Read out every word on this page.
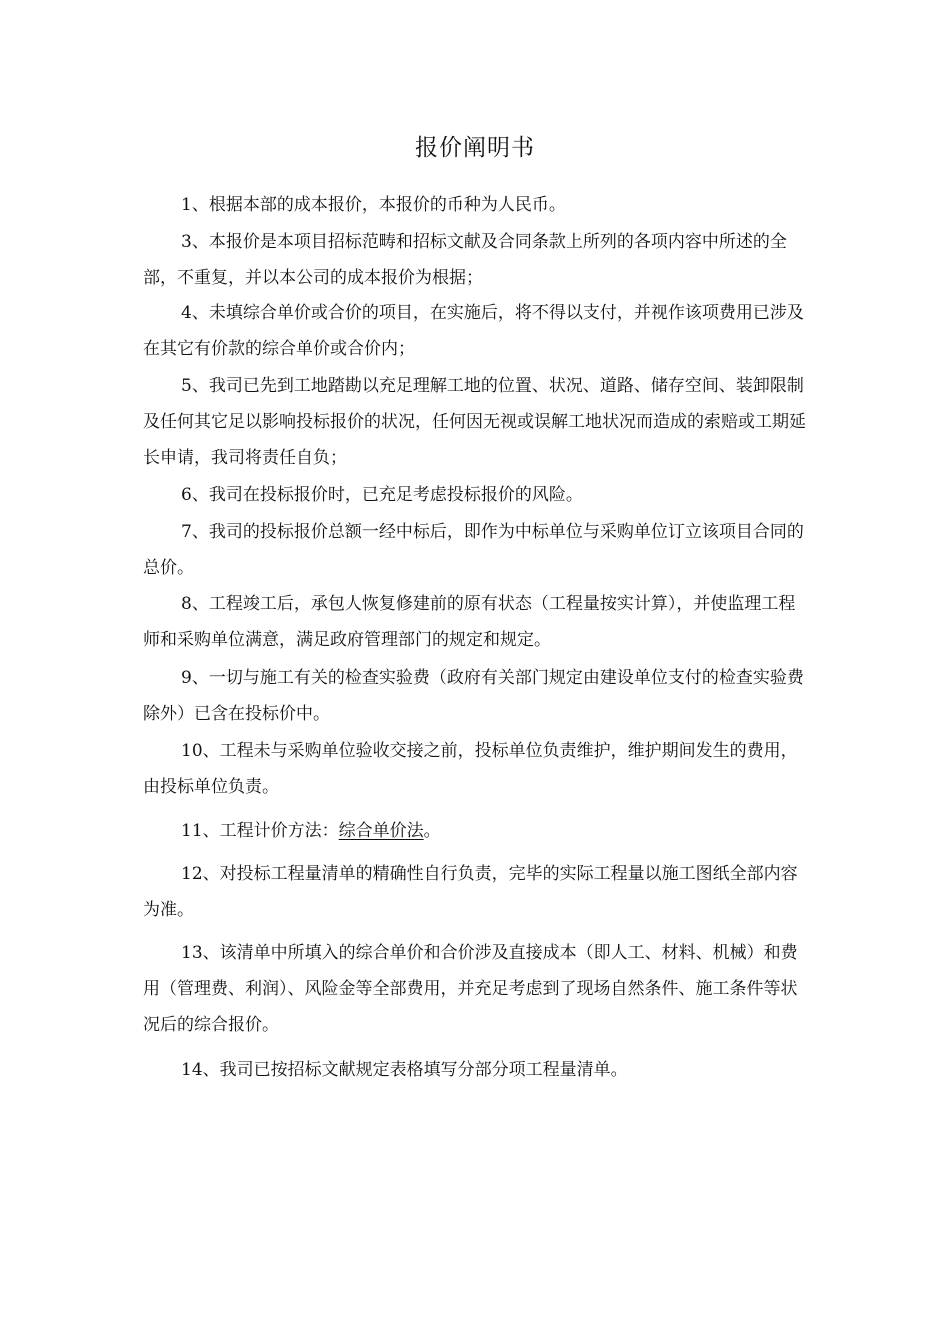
报价阐明书

1、根据本部的成本报价，本报价的币种为人民币。

3、本报价是本项目招标范畴和招标文献及合同条款上所列的各项内容中所述的全部，不重复，并以本公司的成本报价为根据；

4、未填综合单价或合价的项目，在实施后，将不得以支付，并视作该项费用已涉及在其它有价款的综合单价或合价内；

5、我司已先到工地踏勘以充足理解工地的位置、状况、道路、储存空间、装卸限制及任何其它足以影响投标报价的状况，任何因无视或误解工地状况而造成的索赔或工期延长申请，我司将责任自负；

6、我司在投标报价时，已充足考虑投标报价的风险。

7、我司的投标报价总额一经中标后，即作为中标单位与采购单位订立该项目合同的总价。

8、工程竣工后，承包人恢复修建前的原有状态（工程量按实计算），并使监理工程师和采购单位满意，满足政府管理部门的规定和规定。

9、一切与施工有关的检查实验费（政府有关部门规定由建设单位支付的检查实验费除外）已含在投标价中。

10、工程未与采购单位验收交接之前，投标单位负责维护，维护期间发生的费用，由投标单位负责。

11、工程计价方法：综合单价法。

12、对投标工程量清单的精确性自行负责，完毕的实际工程量以施工图纸全部内容为准。

13、该清单中所填入的综合单价和合价涉及直接成本（即人工、材料、机械）和费用（管理费、利润）、风险金等全部费用，并充足考虑到了现场自然条件、施工条件等状况后的综合报价。

14、我司已按招标文献规定表格填写分部分项工程量清单。
